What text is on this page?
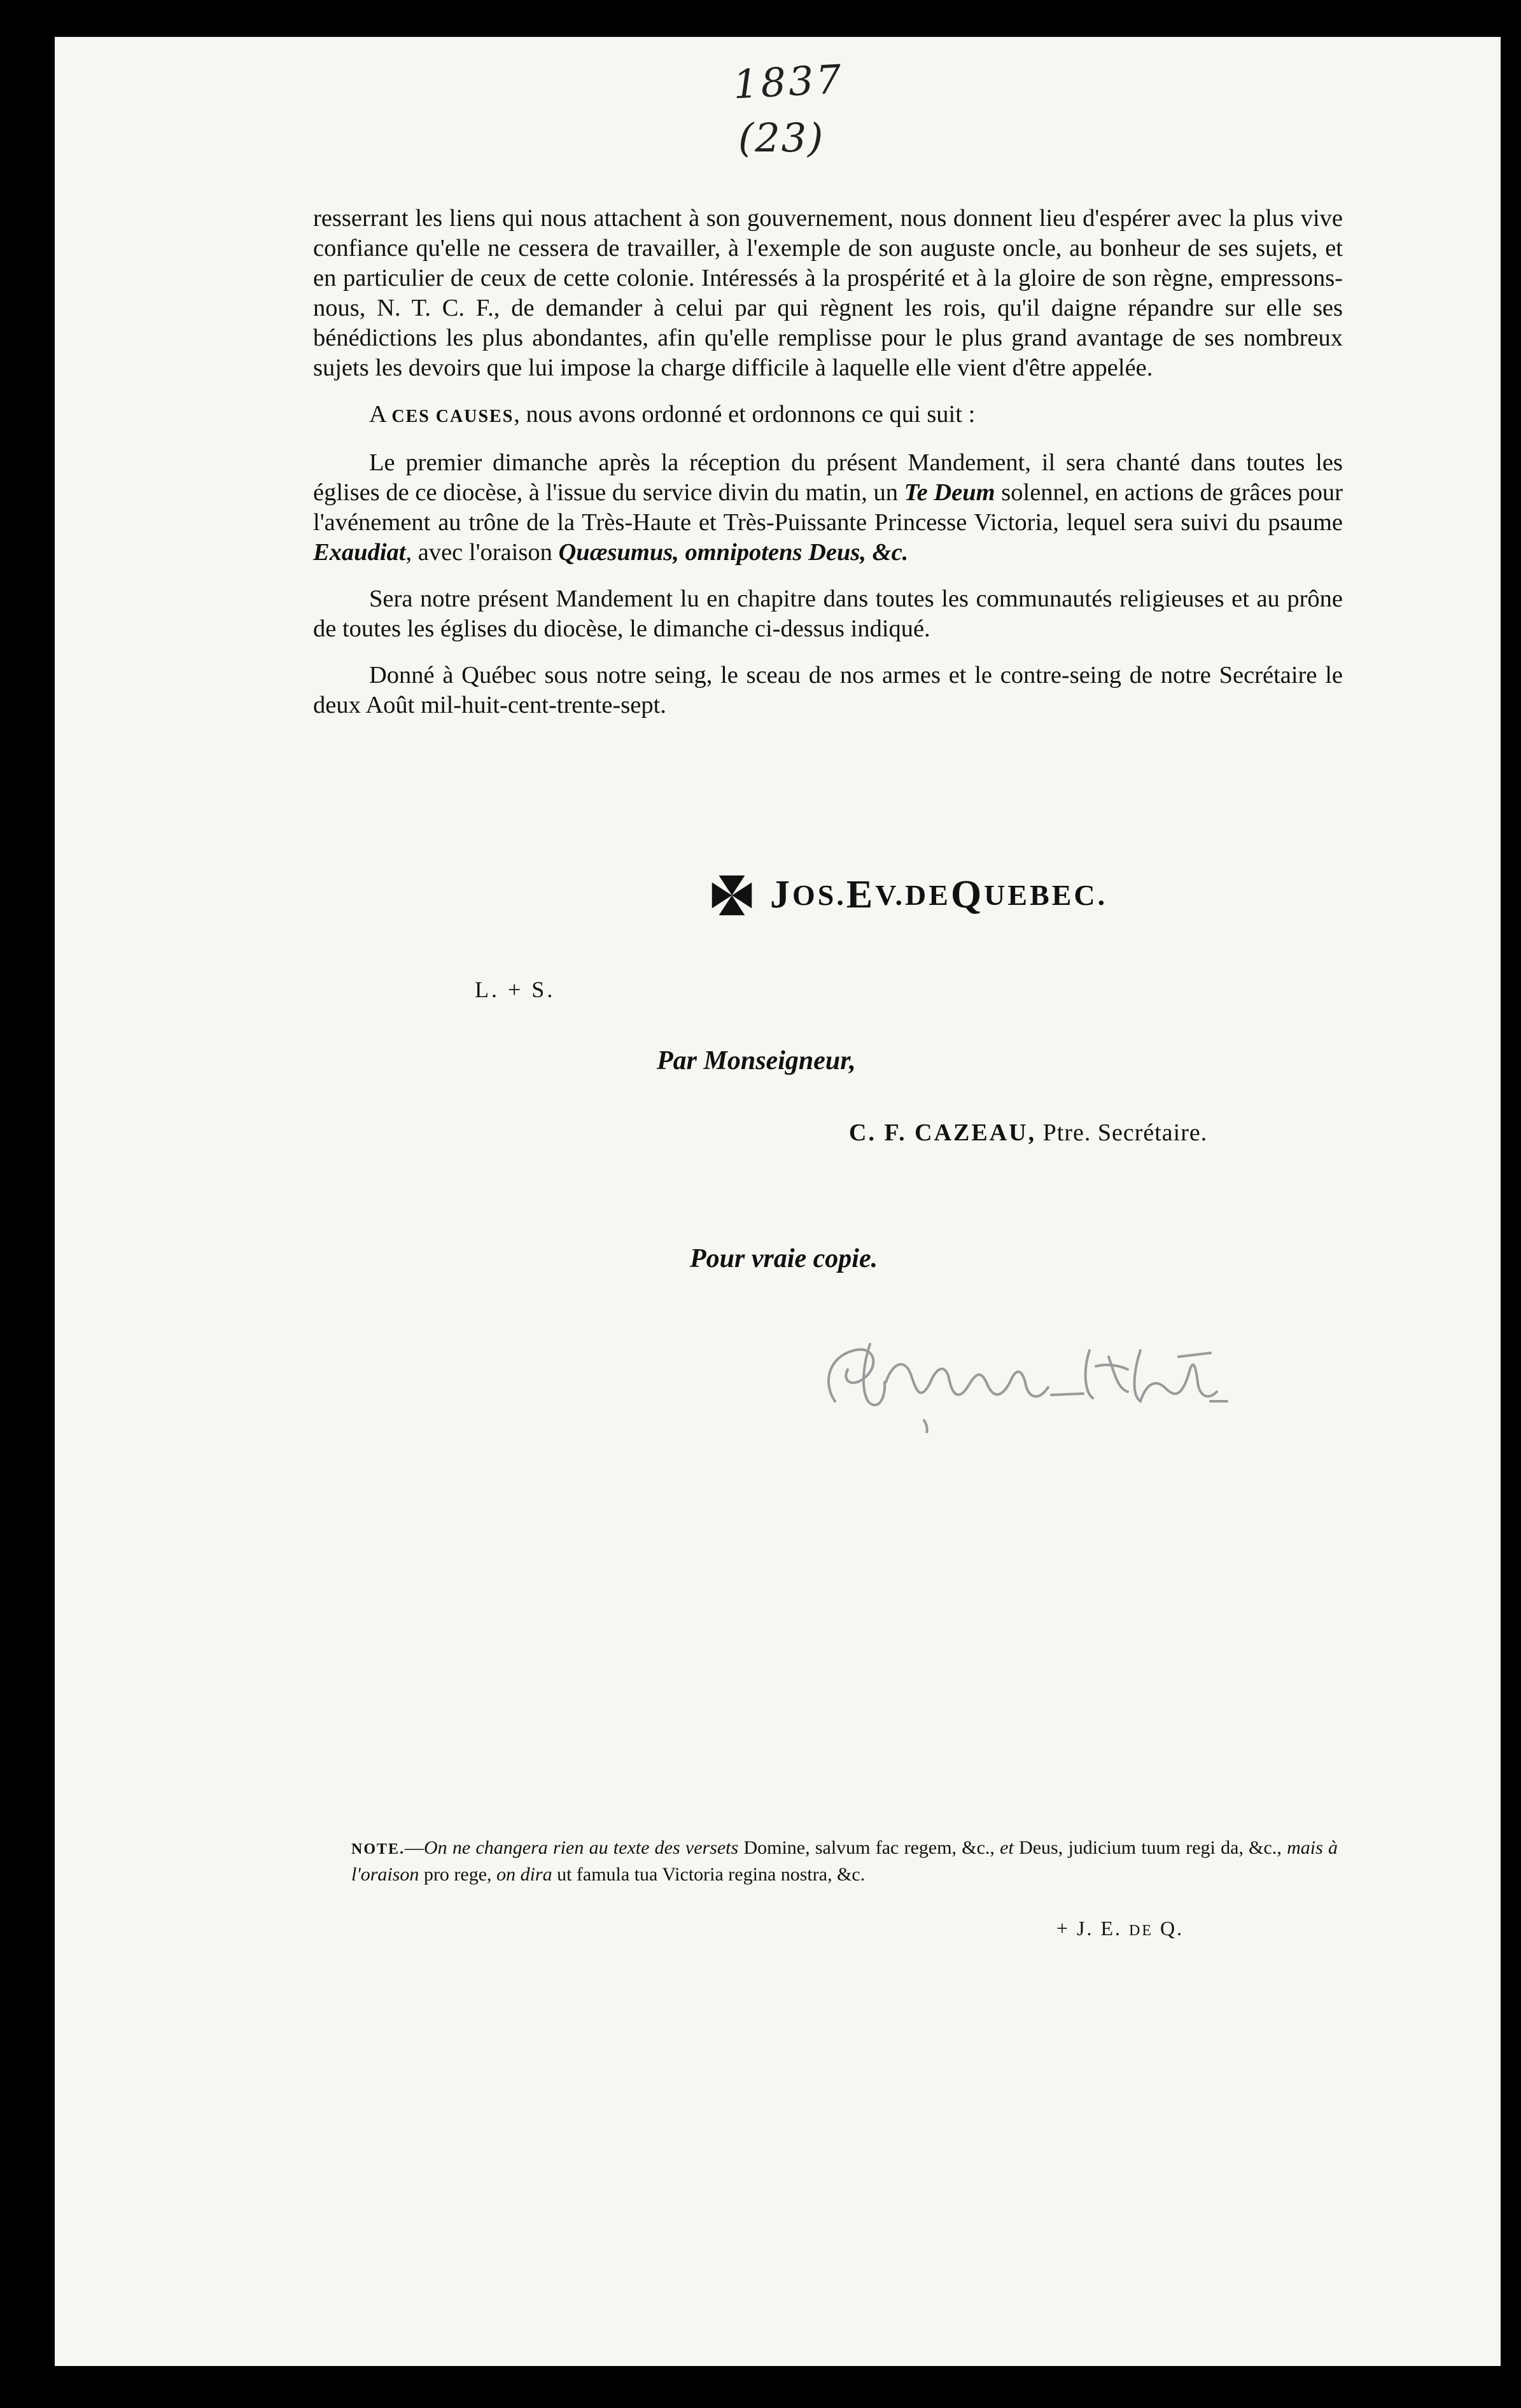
1837
(23)

resserrant les liens qui nous attachent à son gouvernement, nous donnent lieu d'espérer avec la plus vive confiance qu'elle ne cessera de travailler, à l'exemple de son auguste oncle, au bonheur de ses sujets, et en particulier de ceux de cette colonie. Intéressés à la prospérité et à la gloire de son règne, empressons-nous, N. T. C. F., de demander à celui par qui règnent les rois, qu'il daigne répandre sur elle ses bénédictions les plus abondantes, afin qu'elle remplisse pour le plus grand avantage de ses nombreux sujets les devoirs que lui impose la charge difficile à laquelle elle vient d'être appelée.

A CES CAUSES, nous avons ordonné et ordonnons ce qui suit :

Le premier dimanche après la réception du présent Mandement, il sera chanté dans toutes les églises de ce diocèse, à l'issue du service divin du matin, un Te Deum solennel, en actions de grâces pour l'avénement au trône de la Très-Haute et Très-Puissante Princesse Victoria, lequel sera suivi du psaume Exaudiat, avec l'oraison Quæsumus, omnipotens Deus, &c.

Sera notre présent Mandement lu en chapitre dans toutes les communautés religieuses et au prône de toutes les églises du diocèse, le dimanche ci-dessus indiqué.

Donné à Québec sous notre seing, le sceau de nos armes et le contre-seing de notre Secrétaire le deux Août mil-huit-cent-trente-sept.

J OS. E V. DE Q UEBEC.
L. + S.
Par Monseigneur,
C. F. CAZEAU, Ptre. Secrétaire.
Pour vraie copie.
NOTE.—On ne changera rien au texte des versets Domine, salvum fac regem, &c., et Deus, judicium tuum regi da, &c., mais à l'oraison pro rege, on dira ut famula tua Victoria regina nostra, &c.
+ J. E. DE Q.
